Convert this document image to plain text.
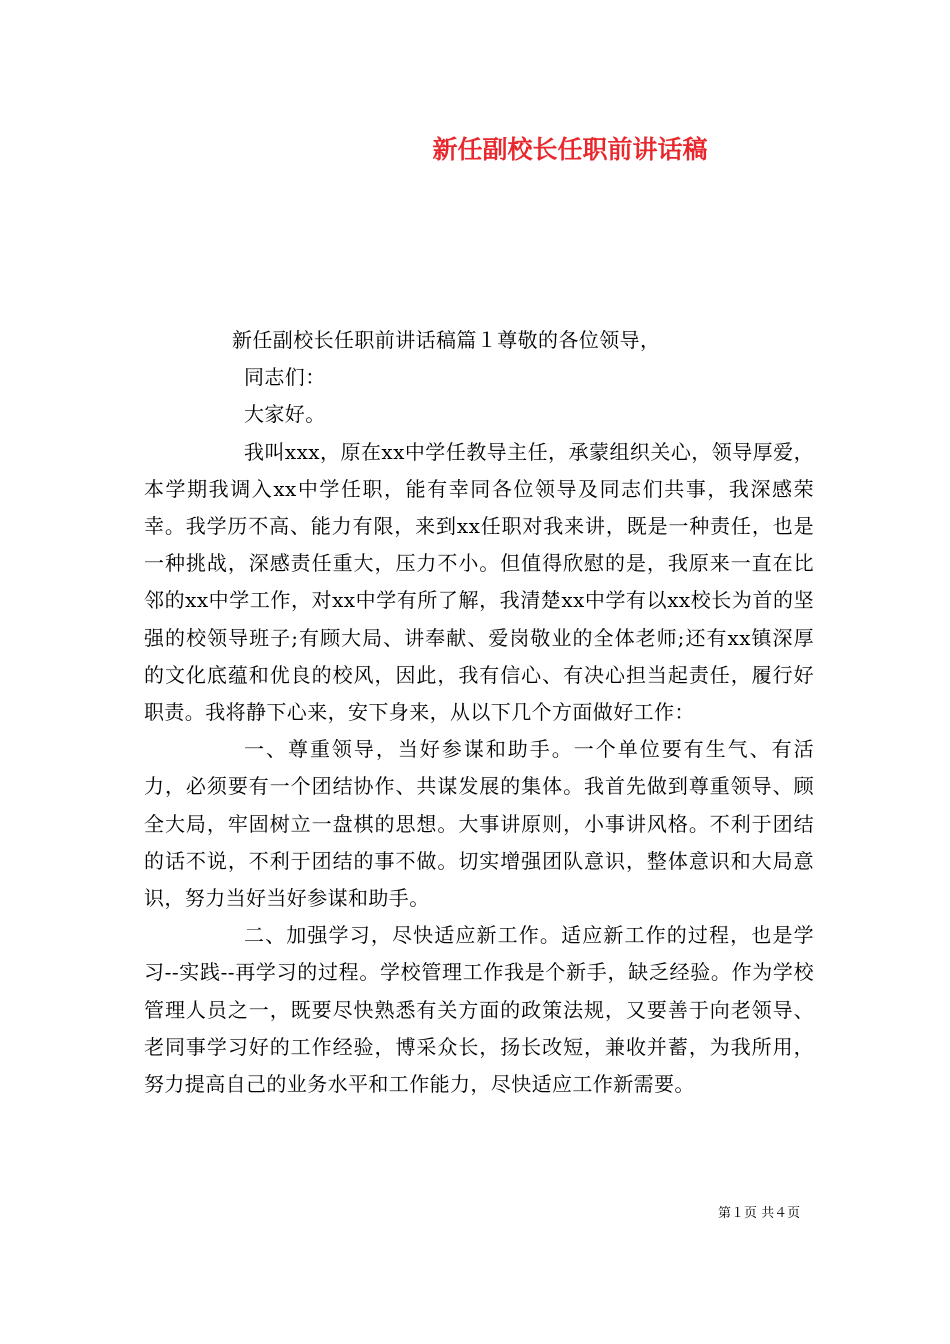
新任副校长任职前讲话稿

新任副校长任职前讲话稿篇１尊敬的各位领导，

同志们：

大家好。

我叫xxx，原在xx中学任教导主任，承蒙组织关心，领导厚爱，本学期我调入xx中学任职，能有幸同各位领导及同志们共事，我深感荣幸。我学历不高、能力有限，来到xx任职对我来讲，既是一种责任，也是一种挑战，深感责任重大，压力不小。但值得欣慰的是，我原来一直在比邻的xx中学工作，对xx中学有所了解，我清楚xx中学有以xx校长为首的坚强的校领导班子;有顾大局、讲奉献、爱岗敬业的全体老师;还有xx镇深厚的文化底蕴和优良的校风，因此，我有信心、有决心担当起责任，履行好职责。我将静下心来，安下身来，从以下几个方面做好工作：

一、尊重领导，当好参谋和助手。一个单位要有生气、有活力，必须要有一个团结协作、共谋发展的集体。我首先做到尊重领导、顾全大局，牢固树立一盘棋的思想。大事讲原则，小事讲风格。不利于团结的话不说，不利于团结的事不做。切实增强团队意识，整体意识和大局意识，努力当好当好参谋和助手。

二、加强学习，尽快适应新工作。适应新工作的过程，也是学习--实践--再学习的过程。学校管理工作我是个新手，缺乏经验。作为学校管理人员之一，既要尽快熟悉有关方面的政策法规，又要善于向老领导、老同事学习好的工作经验，博采众长，扬长改短，兼收并蓄，为我所用，努力提高自己的业务水平和工作能力，尽快适应工作新需要。

第１页 共４页
